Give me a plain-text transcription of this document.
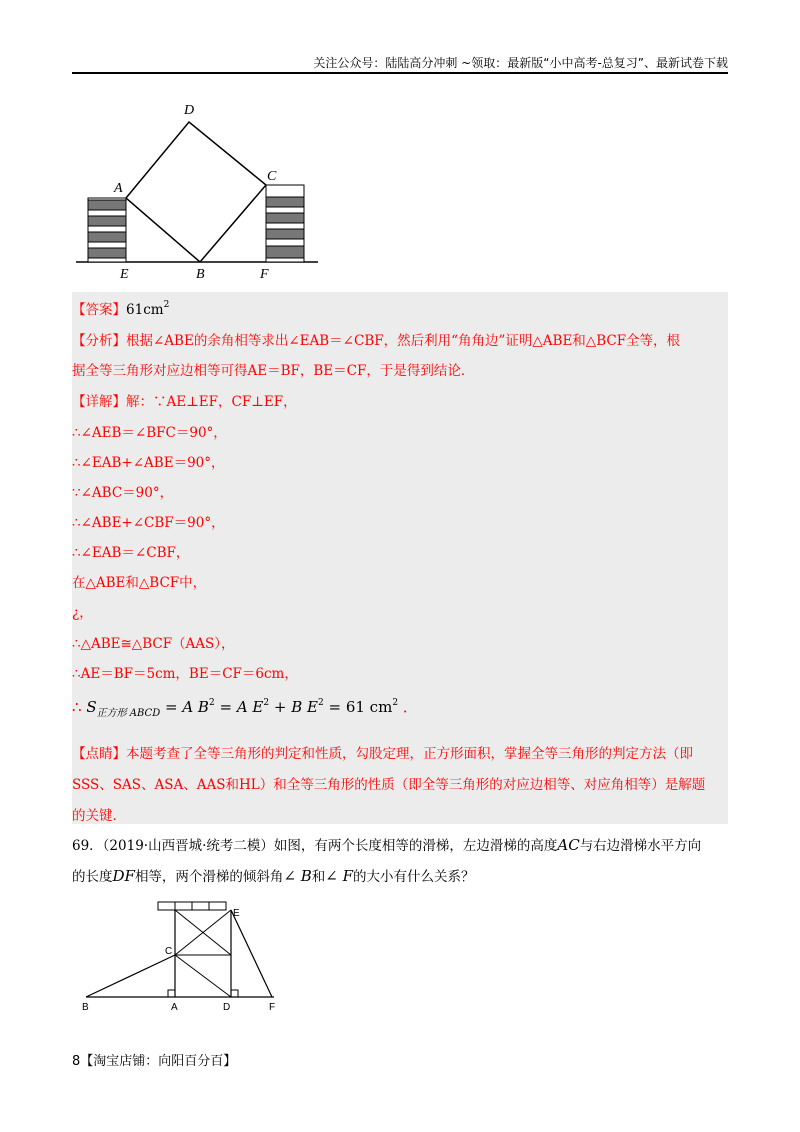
关注公众号：陆陆高分冲刺 ~领取：最新版“小中高考-总复习”、最新试卷下载
D
A
C
E	B	F
【答案】$61cm^2$
【分析】根据∠ABE的余角相等求出∠EAB＝∠CBF，然后利用“角角边”证明△ABE和△BCF全等，根
据全等三角形对应边相等可得AE＝BF，BE＝CF，于是得到结论．
【详解】解：∵AE⊥EF，CF⊥EF，
∴∠AEB＝∠BFC＝90°，
∴∠EAB+∠ABE＝90°，
∵∠ABC＝90°，
∴∠ABE+∠CBF＝90°，
∴∠EAB＝∠CBF，
在△ABE和△BCF中，
¿，
∴△ABE≅△BCF（AAS），
∴AE＝BF＝5cm，BE＝CF＝6cm，
∴ $S_{正方形 ABCD} = A$ $B^2 = A$ $E^2 + B$ $E^2 = 61$ $cm^2$ ．
【点睛】本题考查了全等三角形的判定和性质，勾股定理，正方形面积，掌握全等三角形的判定方法（即
SSS、SAS、ASA、AAS和HL）和全等三角形的性质（即全等三角形的对应边相等、对应角相等）是解题
的关键．
69．（2019·山西晋城·统考二模）如图，有两个长度相等的滑梯，左边滑梯的高度AC与右边滑梯水平方向
的长度DF相等，两个滑梯的倾斜角∠ B和∠ F的大小有什么关系？
E
C
B	A	D	F
8【淘宝店铺：向阳百分百】
